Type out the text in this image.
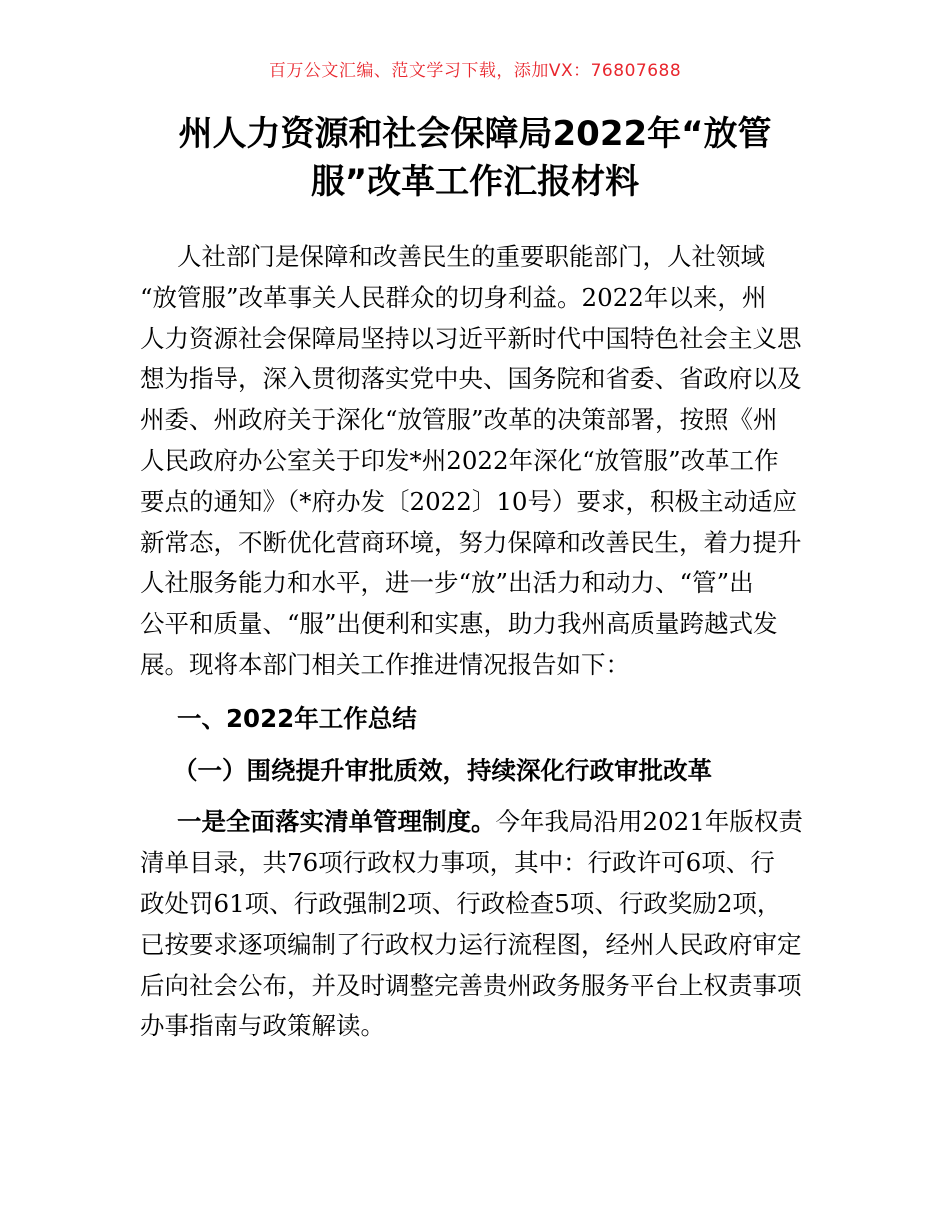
百万公文汇编、范文学习下载，添加VX：76807688
州人力资源和社会保障局2022年“放管
服”改革工作汇报材料
人社部门是保障和改善民生的重要职能部门，人社领域
“放管服”改革事关人民群众的切身利益。2022年以来，州
人力资源社会保障局坚持以习近平新时代中国特色社会主义思
想为指导，深入贯彻落实党中央、国务院和省委、省政府以及
州委、州政府关于深化“放管服”改革的决策部署，按照《州
人民政府办公室关于印发*州2022年深化“放管服”改革工作
要点的通知》（*府办发〔2022〕10号）要求，积极主动适应
新常态，不断优化营商环境，努力保障和改善民生，着力提升
人社服务能力和水平，进一步“放”出活力和动力、“管”出
公平和质量、“服”出便利和实惠，助力我州高质量跨越式发
展。现将本部门相关工作推进情况报告如下：
一、2022年工作总结
（一）围绕提升审批质效，持续深化行政审批改革
一是全面落实清单管理制度。今年我局沿用2021年版权责
清单目录，共76项行政权力事项，其中：行政许可6项、行
政处罚61项、行政强制2项、行政检查5项、行政奖励2项，
已按要求逐项编制了行政权力运行流程图，经州人民政府审定
后向社会公布，并及时调整完善贵州政务服务平台上权责事项
办事指南与政策解读。
